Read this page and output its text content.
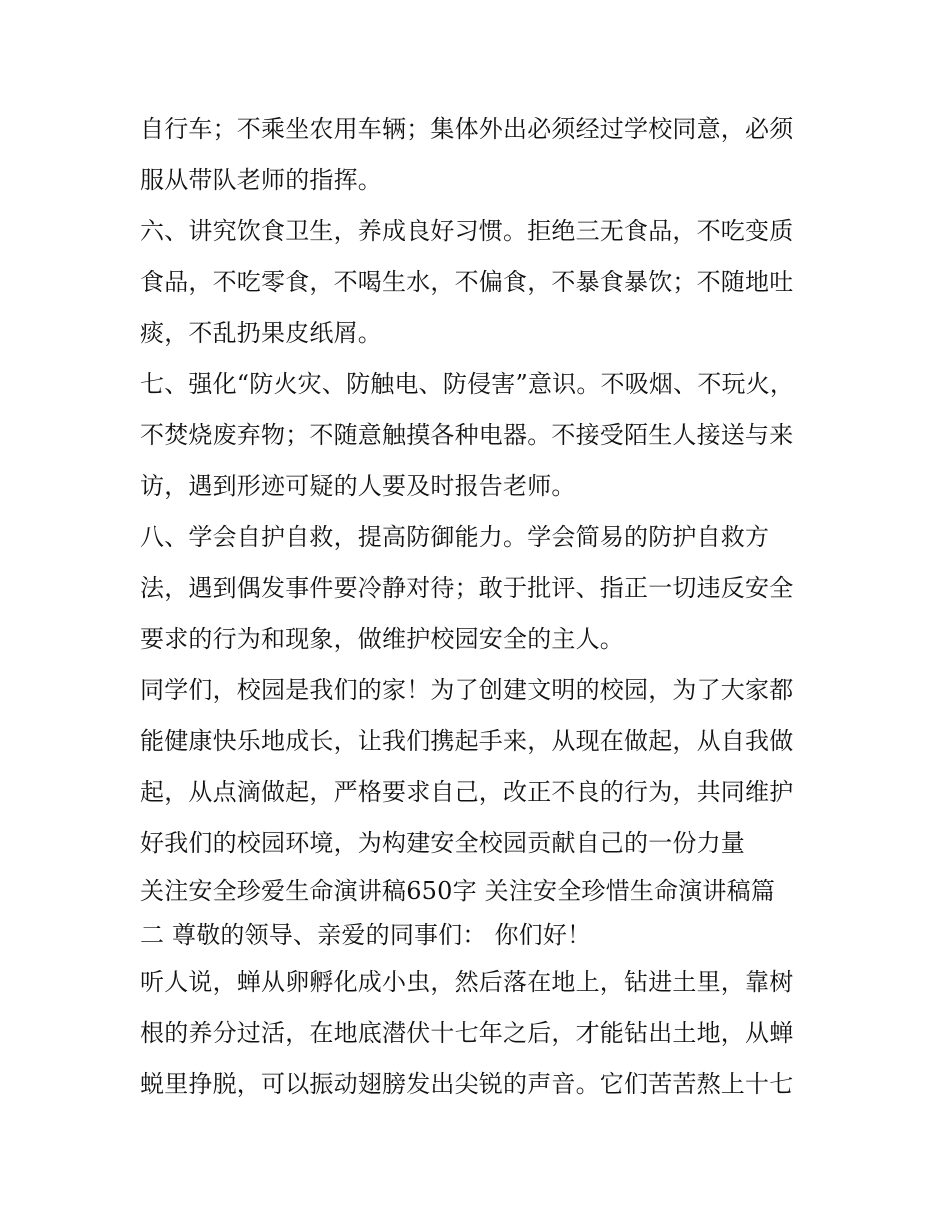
自行车；不乘坐农用车辆；集体外出必须经过学校同意，必须
服从带队老师的指挥。
六、讲究饮食卫生，养成良好习惯。拒绝三无食品，不吃变质
食品，不吃零食，不喝生水，不偏食，不暴食暴饮；不随地吐
痰，不乱扔果皮纸屑。
七、强化“防火灾、防触电、防侵害”意识。不吸烟、不玩火，
不焚烧废弃物；不随意触摸各种电器。不接受陌生人接送与来
访，遇到形迹可疑的人要及时报告老师。
八、学会自护自救，提高防御能力。学会简易的防护自救方
法，遇到偶发事件要冷静对待；敢于批评、指正一切违反安全
要求的行为和现象，做维护校园安全的主人。
同学们，校园是我们的家！为了创建文明的校园，为了大家都
能健康快乐地成长，让我们携起手来，从现在做起，从自我做
起，从点滴做起，严格要求自己，改正不良的行为，共同维护
好我们的校园环境，为构建安全校园贡献自己的一份力量
关注安全珍爱生命演讲稿650字 关注安全珍惜生命演讲稿篇
二 尊敬的领导、亲爱的同事们： 你们好！
听人说，蝉从卵孵化成小虫，然后落在地上，钻进土里，靠树
根的养分过活，在地底潜伏十七年之后，才能钻出土地，从蝉
蜕里挣脱，可以振动翅膀发出尖锐的声音。它们苦苦熬上十七
